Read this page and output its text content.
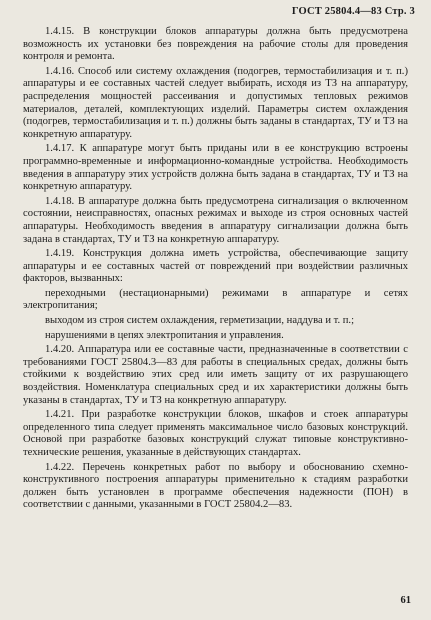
ГОСТ 25804.4—83 Стр. 3

1.4.15. В конструкции блоков аппаратуры должна быть предусмотрена возможность их установки без повреждения на рабочие столы для проведения контроля и ремонта.

1.4.16. Способ или систему охлаждения (подогрев, термостабилизация и т. п.) аппаратуры и ее составных частей следует выбирать, исходя из ТЗ на аппаратуру, распределения мощностей рассеивания и допустимых тепловых режимов материалов, деталей, комплектующих изделий. Параметры систем охлаждения (подогрев, термостабилизация и т. п.) должны быть заданы в стандартах, ТУ и ТЗ на конкретную аппаратуру.

1.4.17. К аппаратуре могут быть приданы или в ее конструкцию встроены программно-временные и информационно-командные устройства. Необходимость введения в аппаратуру этих устройств должна быть задана в стандартах, ТУ и ТЗ на конкретную аппаратуру.

1.4.18. В аппаратуре должна быть предусмотрена сигнализация о включенном состоянии, неисправностях, опасных режимах и выходе из строя основных частей аппаратуры. Необходимость введения в аппаратуру сигнализации должна быть задана в стандартах, ТУ и ТЗ на конкретную аппаратуру.

1.4.19. Конструкция должна иметь устройства, обеспечивающие защиту аппаратуры и ее составных частей от повреждений при воздействии различных факторов, вызванных:

переходными (нестационарными) режимами в аппаратуре и сетях электропитания;

выходом из строя систем охлаждения, герметизации, наддува и т. п.;

нарушениями в цепях электропитания и управления.

1.4.20. Аппаратура или ее составные части, предназначенные в соответствии с требованиями ГОСТ 25804.3—83 для работы в специальных средах, должны быть стойкими к воздействию этих сред или иметь защиту от их разрушающего воздействия. Номенклатура специальных сред и их характеристики должны быть указаны в стандартах, ТУ и ТЗ на конкретную аппаратуру.

1.4.21. При разработке конструкции блоков, шкафов и стоек аппаратуры определенного типа следует применять максимальное число базовых конструкций. Основой при разработке базовых конструкций служат типовые конструктивно-технические решения, указанные в действующих стандартах.

1.4.22. Перечень конкретных работ по выбору и обоснованию схемно-конструктивного построения аппаратуры применительно к стадиям разработки должен быть установлен в программе обеспечения надежности (ПОН) в соответствии с данными, указанными в ГОСТ 25804.2—83.

61
